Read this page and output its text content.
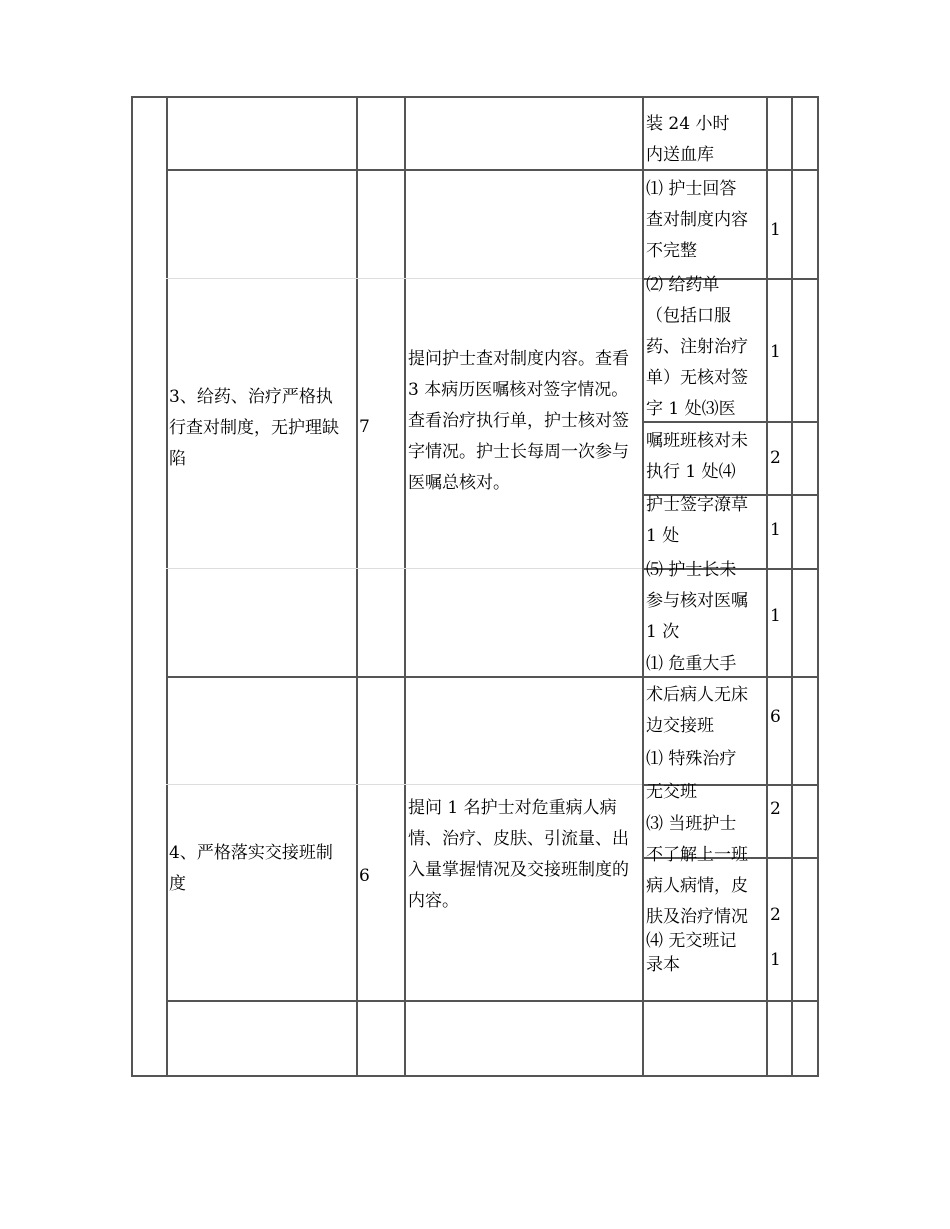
装 24 小时
内送血库
3、给药、治疗严格执行查对制度，无护理缺陷
7
提问护士查对制度内容。查看 3 本病历医嘱核对签字情况。查看治疗执行单，护士核对签字情况。护士长每周一次参与医嘱总核对。
⑴ 护士回答
查对制度内容
不完整
⑵ 给药单
（包括口服
药、注射治疗
单）无核对签
字 1 处⑶医
嘱班班核对未
执行 1 处⑷
护士签字潦草
1 处
⑸ 护士长未
参与核对医嘱
1 次
⑴ 危重大手
1
1
2
1
1
4、严格落实交接班制度	6
提问 1 名护士对危重病人病情、治疗、皮肤、引流量、出入量掌握情况及交接班制度的内容。
术后病人无床
边交接班
⑴ 特殊治疗
无交班
⑶ 当班护士
不了解上一班
病人病情，皮
肤及治疗情况
⑷ 无交班记
录本
6
2
2
1
